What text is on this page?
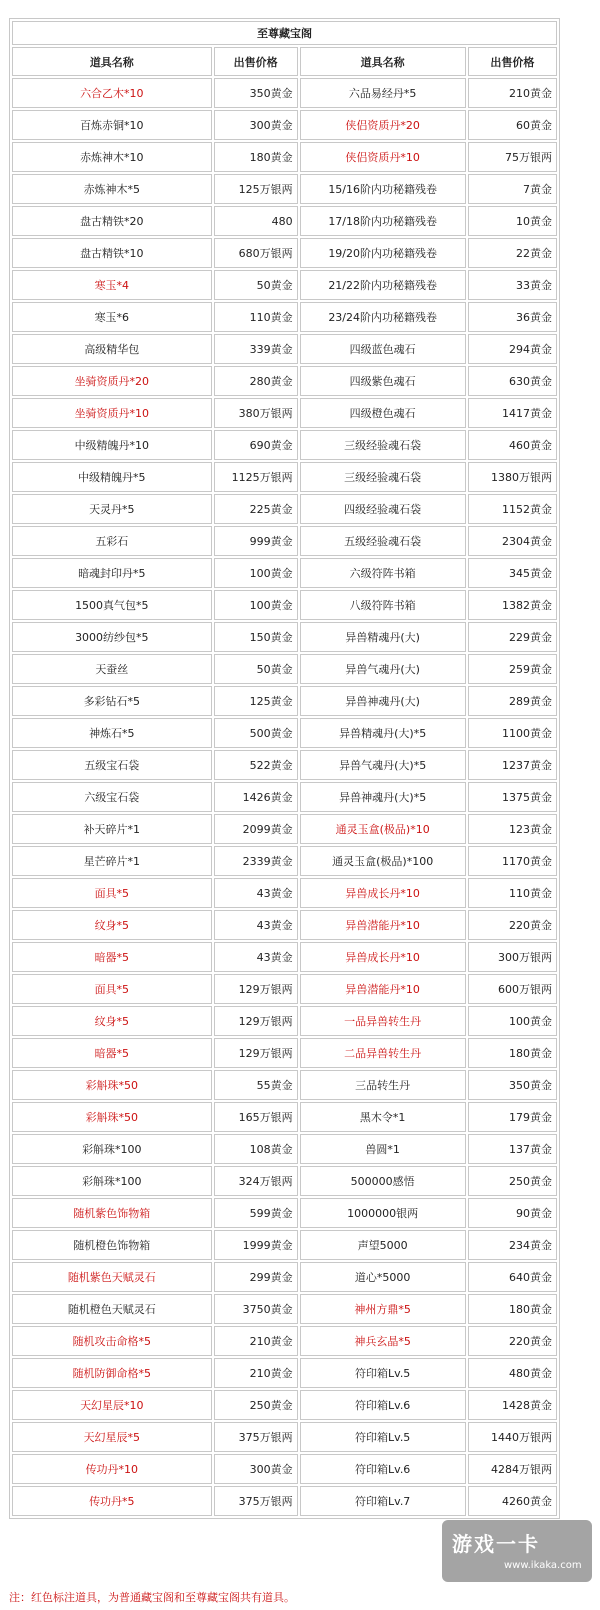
至尊藏宝阁			
道具名称	出售价格	道具名称	出售价格
六合乙木*10	350黄金	六品易经丹*5	210黄金
百炼赤铜*10	300黄金	侠侣资质丹*20	60黄金
赤炼神木*10	180黄金	侠侣资质丹*10	75万银两
赤炼神木*5	125万银两	15/16阶内功秘籍残卷	7黄金
盘古精铁*20	480	17/18阶内功秘籍残卷	10黄金
盘古精铁*10	680万银两	19/20阶内功秘籍残卷	22黄金
寒玉*4	50黄金	21/22阶内功秘籍残卷	33黄金
寒玉*6	110黄金	23/24阶内功秘籍残卷	36黄金
高级精华包	339黄金	四级蓝色魂石	294黄金
坐骑资质丹*20	280黄金	四级紫色魂石	630黄金
坐骑资质丹*10	380万银两	四级橙色魂石	1417黄金
中级精魄丹*10	690黄金	三级经验魂石袋	460黄金
中级精魄丹*5	1125万银两	三级经验魂石袋	1380万银两
天灵丹*5	225黄金	四级经验魂石袋	1152黄金
五彩石	999黄金	五级经验魂石袋	2304黄金
暗魂封印丹*5	100黄金	六级符阵书箱	345黄金
1500真气包*5	100黄金	八级符阵书箱	1382黄金
3000纺纱包*5	150黄金	异兽精魂丹(大)	229黄金
天蚕丝	50黄金	异兽气魂丹(大)	259黄金
多彩钻石*5	125黄金	异兽神魂丹(大)	289黄金
神炼石*5	500黄金	异兽精魂丹(大)*5	1100黄金
五级宝石袋	522黄金	异兽气魂丹(大)*5	1237黄金
六级宝石袋	1426黄金	异兽神魂丹(大)*5	1375黄金
补天碎片*1	2099黄金	通灵玉盒(极品)*10	123黄金
星芒碎片*1	2339黄金	通灵玉盒(极品)*100	1170黄金
面具*5	43黄金	异兽成长丹*10	110黄金
纹身*5	43黄金	异兽潜能丹*10	220黄金
暗器*5	43黄金	异兽成长丹*10	300万银两
面具*5	129万银两	异兽潜能丹*10	600万银两
纹身*5	129万银两	一品异兽转生丹	100黄金
暗器*5	129万银两	二品异兽转生丹	180黄金
彩斛珠*50	55黄金	三品转生丹	350黄金
彩斛珠*50	165万银两	黑木令*1	179黄金
彩斛珠*100	108黄金	兽圆*1	137黄金
彩斛珠*100	324万银两	500000感悟	250黄金
随机紫色饰物箱	599黄金	1000000银两	90黄金
随机橙色饰物箱	1999黄金	声望5000	234黄金
随机紫色天赋灵石	299黄金	道心*5000	640黄金
随机橙色天赋灵石	3750黄金	神州方鼎*5	180黄金
随机攻击命格*5	210黄金	神兵玄晶*5	220黄金
随机防御命格*5	210黄金	符印箱Lv.5	480黄金
天幻星辰*10	250黄金	符印箱Lv.6	1428黄金
天幻星辰*5	375万银两	符印箱Lv.5	1440万银两
传功丹*10	300黄金	符印箱Lv.6	4284万银两
传功丹*5	375万银两	符印箱Lv.7	4260黄金
注：红色标注道具，为普通藏宝阁和至尊藏宝阁共有道具。
游戏一卡
www.ikaka.com
